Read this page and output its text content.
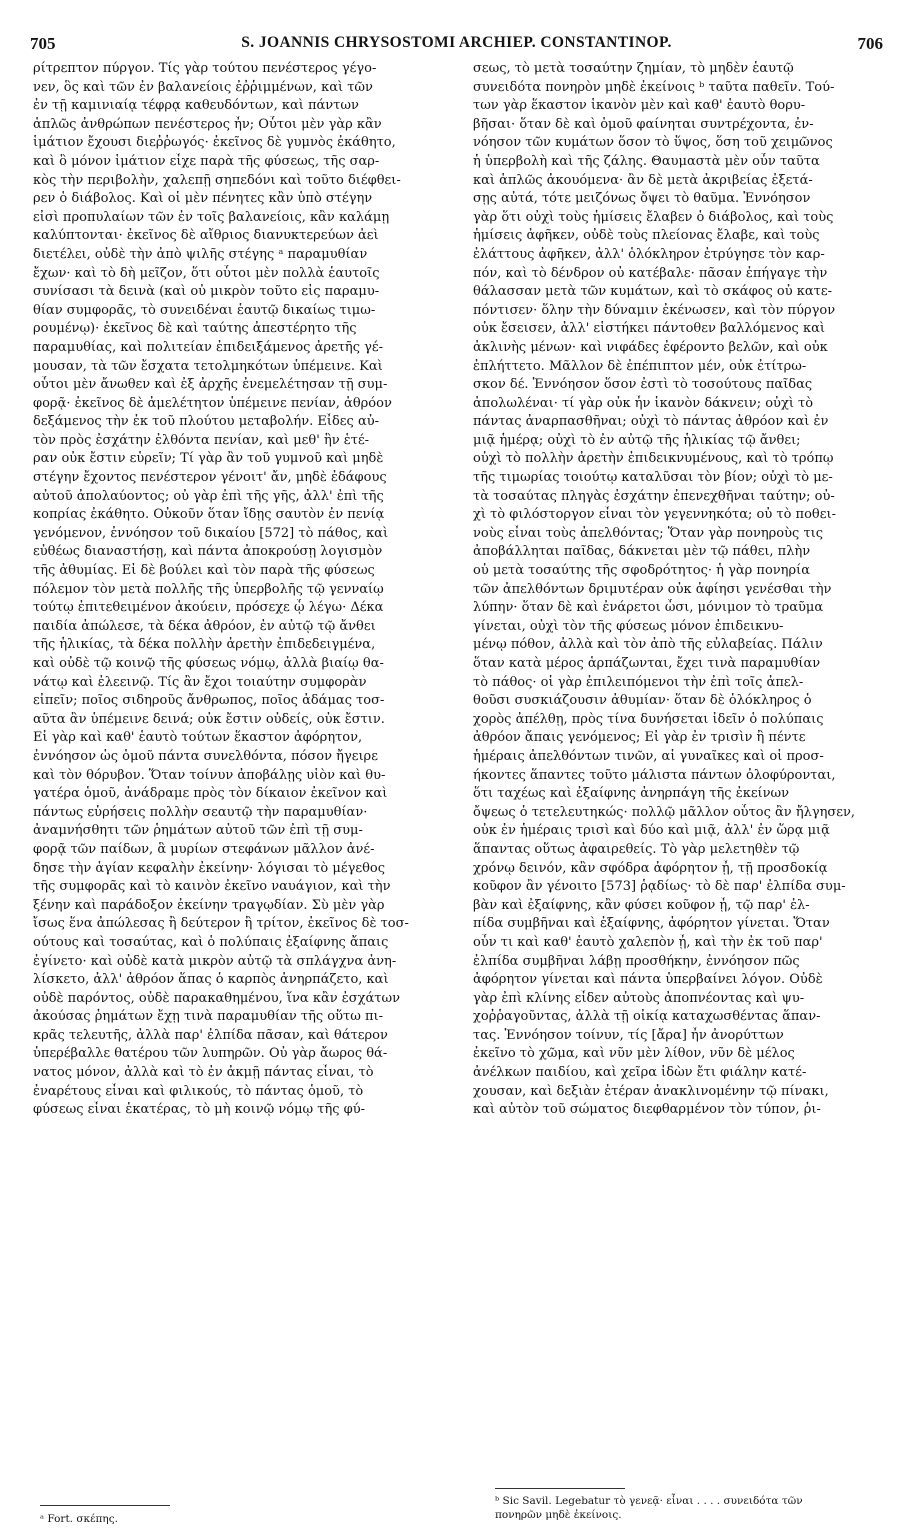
705	S. JOANNIS CHRYSOSTOMI ARCHIEP. CONSTANTINOP.	706
ρίτρεπτον πύργον. Τίς γὰρ τούτου πενέστερος γέγο-
νεν, ὃς καὶ τῶν ἐν βαλανείοις ἐῤῥιμμένων, καὶ τῶν
ἐν τῇ καμινιαίᾳ τέφρᾳ καθευδόντων, καὶ πάντων
ἁπλῶς ἀνθρώπων πενέστερος ἦν; Οὗτοι μὲν γὰρ κἂν
ἱμάτιον ἔχουσι διεῤῥωγός· ἐκεῖνος δὲ γυμνὸς ἐκάθητο,
καὶ ὃ μόνον ἱμάτιον εἶχε παρὰ τῆς φύσεως, τῆς σαρ-
κὸς τὴν περιβολὴν, χαλεπῇ σηπεδόνι καὶ τοῦτο διέφθει-
ρεν ὁ διάβολος. Καὶ οἱ μὲν πένητες κἂν ὑπὸ στέγην
εἰσὶ προπυλαίων τῶν ἐν τοῖς βαλανείοις, κἂν καλάμῃ
καλύπτονται· ἐκεῖνος δὲ αἴθριος διανυκτερεύων ἀεὶ
διετέλει, οὐδὲ τὴν ἀπὸ ψιλῆς στέγης ᵃ παραμυθίαν
ἔχων· καὶ τὸ δὴ μεῖζον, ὅτι οὗτοι μὲν πολλὰ ἑαυτοῖς
συνίσασι τὰ δεινὰ (καὶ οὐ μικρὸν τοῦτο εἰς παραμυ-
θίαν συμφορᾶς, τὸ συνειδέναι ἑαυτῷ δικαίως τιμω-
ρουμένῳ)· ἐκεῖνος δὲ καὶ ταύτης ἀπεστέρητο τῆς
παραμυθίας, καὶ πολιτείαν ἐπιδειξάμενος ἀρετῆς γέ-
μουσαν, τὰ τῶν ἔσχατα τετολμηκότων ὑπέμεινε. Καὶ
οὗτοι μὲν ἄνωθεν καὶ ἐξ ἀρχῆς ἐνεμελέτησαν τῇ συμ-
φορᾷ· ἐκεῖνος δὲ ἀμελέτητον ὑπέμεινε πενίαν, ἀθρόον
δεξάμενος τὴν ἐκ τοῦ πλούτου μεταβολήν. Εἶδες αὐ-
τὸν πρὸς ἐσχάτην ἐλθόντα πενίαν, καὶ μεθ' ἣν ἑτέ-
ραν οὐκ ἔστιν εὑρεῖν; Τί γὰρ ἂν τοῦ γυμνοῦ καὶ μηδὲ
στέγην ἔχοντος πενέστερον γένοιτ' ἄν, μηδὲ ἐδάφους
αὐτοῦ ἀπολαύοντος; οὐ γὰρ ἐπὶ τῆς γῆς, ἀλλ' ἐπὶ τῆς
κοπρίας ἐκάθητο. Οὐκοῦν ὅταν ἴδῃς σαυτὸν ἐν πενίᾳ
γενόμενον, ἐννόησον τοῦ δικαίου [572] τὸ πάθος, καὶ
εὐθέως διαναστήσῃ, καὶ πάντα ἀποκρούσῃ λογισμὸν
τῆς ἀθυμίας. Εἰ δὲ βούλει καὶ τὸν παρὰ τῆς φύσεως
πόλεμον τὸν μετὰ πολλῆς τῆς ὑπερβολῆς τῷ γενναίῳ
τούτῳ ἐπιτεθειμένον ἀκούειν, πρόσεχε ᾧ λέγω· Δέκα
παιδία ἀπώλεσε, τὰ δέκα ἀθρόον, ἐν αὐτῷ τῷ ἄνθει
τῆς ἡλικίας, τὰ δέκα πολλὴν ἀρετὴν ἐπιδεδειγμένα,
καὶ οὐδὲ τῷ κοινῷ τῆς φύσεως νόμῳ, ἀλλὰ βιαίῳ θα-
νάτῳ καὶ ἐλεεινῷ. Τίς ἂν ἔχοι τοιαύτην συμφορὰν
εἰπεῖν; ποῖος σιδηροῦς ἄνθρωπος, ποῖος ἀδάμας τοσ-
αῦτα ἂν ὑπέμεινε δεινά; οὐκ ἔστιν οὐδείς, οὐκ ἔστιν.
Εἰ γὰρ καὶ καθ' ἑαυτὸ τούτων ἕκαστον ἀφόρητον,
ἐννόησον ὡς ὁμοῦ πάντα συνελθόντα, πόσον ἤγειρε
καὶ τὸν θόρυβον. Ὅταν τοίνυν ἀποβάλῃς υἱὸν καὶ θυ-
γατέρα ὁμοῦ, ἀνάδραμε πρὸς τὸν δίκαιον ἐκεῖνον καὶ
πάντως εὑρήσεις πολλὴν σεαυτῷ τὴν παραμυθίαν·
ἀναμνήσθητι τῶν ῥημάτων αὐτοῦ τῶν ἐπὶ τῇ συμ-
φορᾷ τῶν παίδων, ἃ μυρίων στεφάνων μᾶλλον ἀνέ-
δησε τὴν ἁγίαν κεφαλὴν ἐκείνην· λόγισαι τὸ μέγεθος
τῆς συμφορᾶς καὶ τὸ καινὸν ἐκεῖνο ναυάγιον, καὶ τὴν
ξένην καὶ παράδοξον ἐκείνην τραγῳδίαν. Σὺ μὲν γὰρ
ἴσως ἕνα ἀπώλεσας ἢ δεύτερον ἢ τρίτον, ἐκεῖνος δὲ τοσ-
ούτους καὶ τοσαύτας, καὶ ὁ πολύπαις ἐξαίφνης ἄπαις
ἐγίνετο· καὶ οὐδὲ κατὰ μικρὸν αὐτῷ τὰ σπλάγχνα ἀνη-
λίσκετο, ἀλλ' ἀθρόον ἅπας ὁ καρπὸς ἀνηρπάζετο, καὶ
οὐδὲ παρόντος, οὐδὲ παρακαθημένου, ἵνα κἂν ἐσχάτων
ἀκούσας ῥημάτων ἔχῃ τινὰ παραμυθίαν τῆς οὕτω πι-
κρᾶς τελευτῆς, ἀλλὰ παρ' ἐλπίδα πᾶσαν, καὶ θάτερον
ὑπερέβαλλε θατέρου τῶν λυπηρῶν. Οὐ γὰρ ἄωρος θά-
νατος μόνον, ἀλλὰ καὶ τὸ ἐν ἀκμῇ πάντας εἶναι, τὸ
ἐναρέτους εἶναι καὶ φιλικούς, τὸ πάντας ὁμοῦ, τὸ
φύσεως εἶναι ἑκατέρας, τὸ μὴ κοινῷ νόμῳ τῆς φύ-
σεως, τὸ μετὰ τοσαύτην ζημίαν, τὸ μηδὲν ἑαυτῷ
συνειδότα πονηρὸν μηδὲ ἐκείνοις ᵇ ταῦτα παθεῖν. Τού-
των γὰρ ἕκαστον ἱκανὸν μὲν καὶ καθ' ἑαυτὸ θορυ-
βῆσαι· ὅταν δὲ καὶ ὁμοῦ φαίνηται συντρέχοντα, ἐν-
νόησον τῶν κυμάτων ὅσον τὸ ὕψος, ὅση τοῦ χειμῶνος
ἡ ὑπερβολὴ καὶ τῆς ζάλης. Θαυμαστὰ μὲν οὖν ταῦτα
καὶ ἁπλῶς ἀκουόμενα· ἂν δὲ μετὰ ἀκριβείας ἐξετά-
σῃς αὐτά, τότε μειζόνως ὄψει τὸ θαῦμα. Ἐννόησον
γὰρ ὅτι οὐχὶ τοὺς ἡμίσεις ἔλαβεν ὁ διάβολος, καὶ τοὺς
ἡμίσεις ἀφῆκεν, οὐδὲ τοὺς πλείονας ἔλαβε, καὶ τοὺς
ἐλάττους ἀφῆκεν, ἀλλ' ὁλόκληρον ἐτρύγησε τὸν καρ-
πόν, καὶ τὸ δένδρον οὐ κατέβαλε· πᾶσαν ἐπήγαγε τὴν
θάλασσαν μετὰ τῶν κυμάτων, καὶ τὸ σκάφος οὐ κατε-
πόντισεν· ὅλην τὴν δύναμιν ἐκένωσεν, καὶ τὸν πύργον
οὐκ ἔσεισεν, ἀλλ' εἱστήκει πάντοθεν βαλλόμενος καὶ
ἀκλινὴς μένων· καὶ νιφάδες ἐφέροντο βελῶν, καὶ οὐκ
ἐπλήττετο. Μᾶλλον δὲ ἐπέπιπτον μέν, οὐκ ἐτίτρω-
σκον δέ. Ἐννόησον ὅσον ἐστὶ τὸ τοσούτους παῖδας
ἀπολωλέναι· τί γὰρ οὐκ ἦν ἱκανὸν δάκνειν; οὐχὶ τὸ
πάντας ἀναρπασθῆναι; οὐχὶ τὸ πάντας ἀθρόον καὶ ἐν
μιᾷ ἡμέρᾳ; οὐχὶ τὸ ἐν αὐτῷ τῆς ἡλικίας τῷ ἄνθει;
οὐχὶ τὸ πολλὴν ἀρετὴν ἐπιδεικνυμένους, καὶ τὸ τρόπῳ
τῆς τιμωρίας τοιούτῳ καταλῦσαι τὸν βίον; οὐχὶ τὸ με-
τὰ τοσαύτας πληγὰς ἐσχάτην ἐπενεχθῆναι ταύτην; οὐ-
χὶ τὸ φιλόστοργον εἶναι τὸν γεγεννηκότα; οὐ τὸ ποθει-
νοὺς εἶναι τοὺς ἀπελθόντας; Ὅταν γὰρ πονηροὺς τις
ἀποβάλληται παῖδας, δάκνεται μὲν τῷ πάθει, πλὴν
οὐ μετὰ τοσαύτης τῆς σφοδρότητος· ἡ γὰρ πονηρία
τῶν ἀπελθόντων δριμυτέραν οὐκ ἀφίησι γενέσθαι τὴν
λύπην· ὅταν δὲ καὶ ἐνάρετοι ὦσι, μόνιμον τὸ τραῦμα
γίνεται, οὐχὶ τὸν τῆς φύσεως μόνον ἐπιδεικνυ-
μένῳ πόθον, ἀλλὰ καὶ τὸν ἀπὸ τῆς εὐλαβείας. Πάλιν
ὅταν κατὰ μέρος ἁρπάζωνται, ἔχει τινὰ παραμυθίαν
τὸ πάθος· οἱ γὰρ ἐπιλειπόμενοι τὴν ἐπὶ τοῖς ἀπελ-
θοῦσι συσκιάζουσιν ἀθυμίαν· ὅταν δὲ ὁλόκληρος ὁ
χορὸς ἀπέλθῃ, πρὸς τίνα δυνήσεται ἰδεῖν ὁ πολύπαις
ἀθρόον ἄπαις γενόμενος; Εἰ γὰρ ἐν τρισὶν ἢ πέντε
ἡμέραις ἀπελθόντων τινῶν, αἱ γυναῖκες καὶ οἱ προσ-
ήκοντες ἅπαντες τοῦτο μάλιστα πάντων ὀλοφύρονται,
ὅτι ταχέως καὶ ἐξαίφνης ἀνηρπάγη τῆς ἐκείνων
ὄψεως ὁ τετελευτηκώς· πολλῷ μᾶλλον οὗτος ἂν ἤλγησεν,
οὐκ ἐν ἡμέραις τρισὶ καὶ δύο καὶ μιᾷ, ἀλλ' ἐν ὥρᾳ μιᾷ
ἅπαντας οὕτως ἀφαιρεθείς. Τὸ γὰρ μελετηθὲν τῷ
χρόνῳ δεινόν, κἂν σφόδρα ἀφόρητον ᾖ, τῇ προσδοκίᾳ
κοῦφον ἂν γένοιτο [573] ῥᾳδίως· τὸ δὲ παρ' ἐλπίδα συμ-
βὰν καὶ ἐξαίφνης, κἂν φύσει κοῦφον ᾖ, τῷ παρ' ἐλ-
πίδα συμβῆναι καὶ ἐξαίφνης, ἀφόρητον γίνεται. Ὅταν
οὖν τι καὶ καθ' ἑαυτὸ χαλεπὸν ᾖ, καὶ τὴν ἐκ τοῦ παρ'
ἐλπίδα συμβῆναι λάβῃ προσθήκην, ἐννόησον πῶς
ἀφόρητον γίνεται καὶ πάντα ὑπερβαίνει λόγον. Οὐδὲ
γὰρ ἐπὶ κλίνης εἶδεν αὐτοὺς ἀποπνέοντας καὶ ψυ-
χοῤῥαγοῦντας, ἀλλὰ τῇ οἰκίᾳ καταχωσθέντας ἅπαν-
τας. Ἐννόησον τοίνυν, τίς [ἄρα] ἦν ἀνορύττων
ἐκεῖνο τὸ χῶμα, καὶ νῦν μὲν λίθον, νῦν δὲ μέλος
ἀνέλκων παιδίου, καὶ χεῖρα ἰδὼν ἔτι φιάλην κατέ-
χουσαν, καὶ δεξιὰν ἑτέραν ἀνακλινομένην τῷ πίνακι,
καὶ αὐτὸν τοῦ σώματος διεφθαρμένον τὸν τύπον, ῥι-
ᵃ Fort. σκέπης.
ᵇ Sic Savil. Legebatur τὸ γενεᾷ· εἶναι . . . . συνειδότα τῶν
πονηρῶν μηδὲ ἐκείνοις.
